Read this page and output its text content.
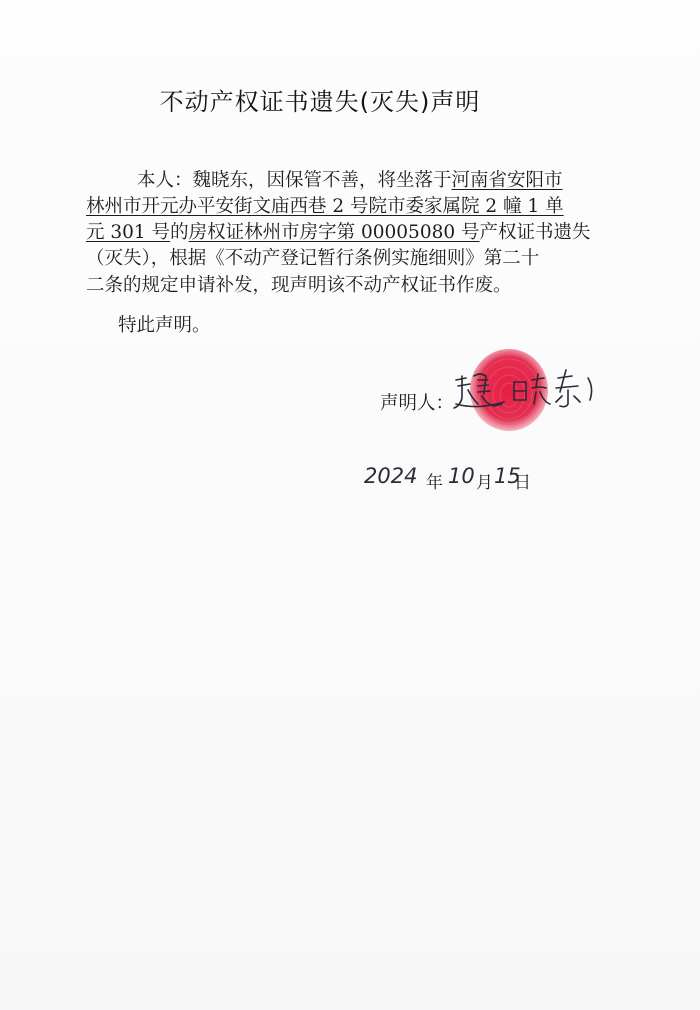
不动产权证书遗失(灭失)声明
本人：魏晓东，因保管不善，将坐落于河南省安阳市
林州市开元办平安街文庙西巷 2 号院市委家属院 2 幢 1 单
元 301 号的房权证林州市房字第 00005080 号产权证书遗失
（灭失），根据《不动产登记暂行条例实施细则》第二十
二条的规定申请补发，现声明该不动产权证书作废。
特此声明。
声明人：
2024 年 10 月 15
日
